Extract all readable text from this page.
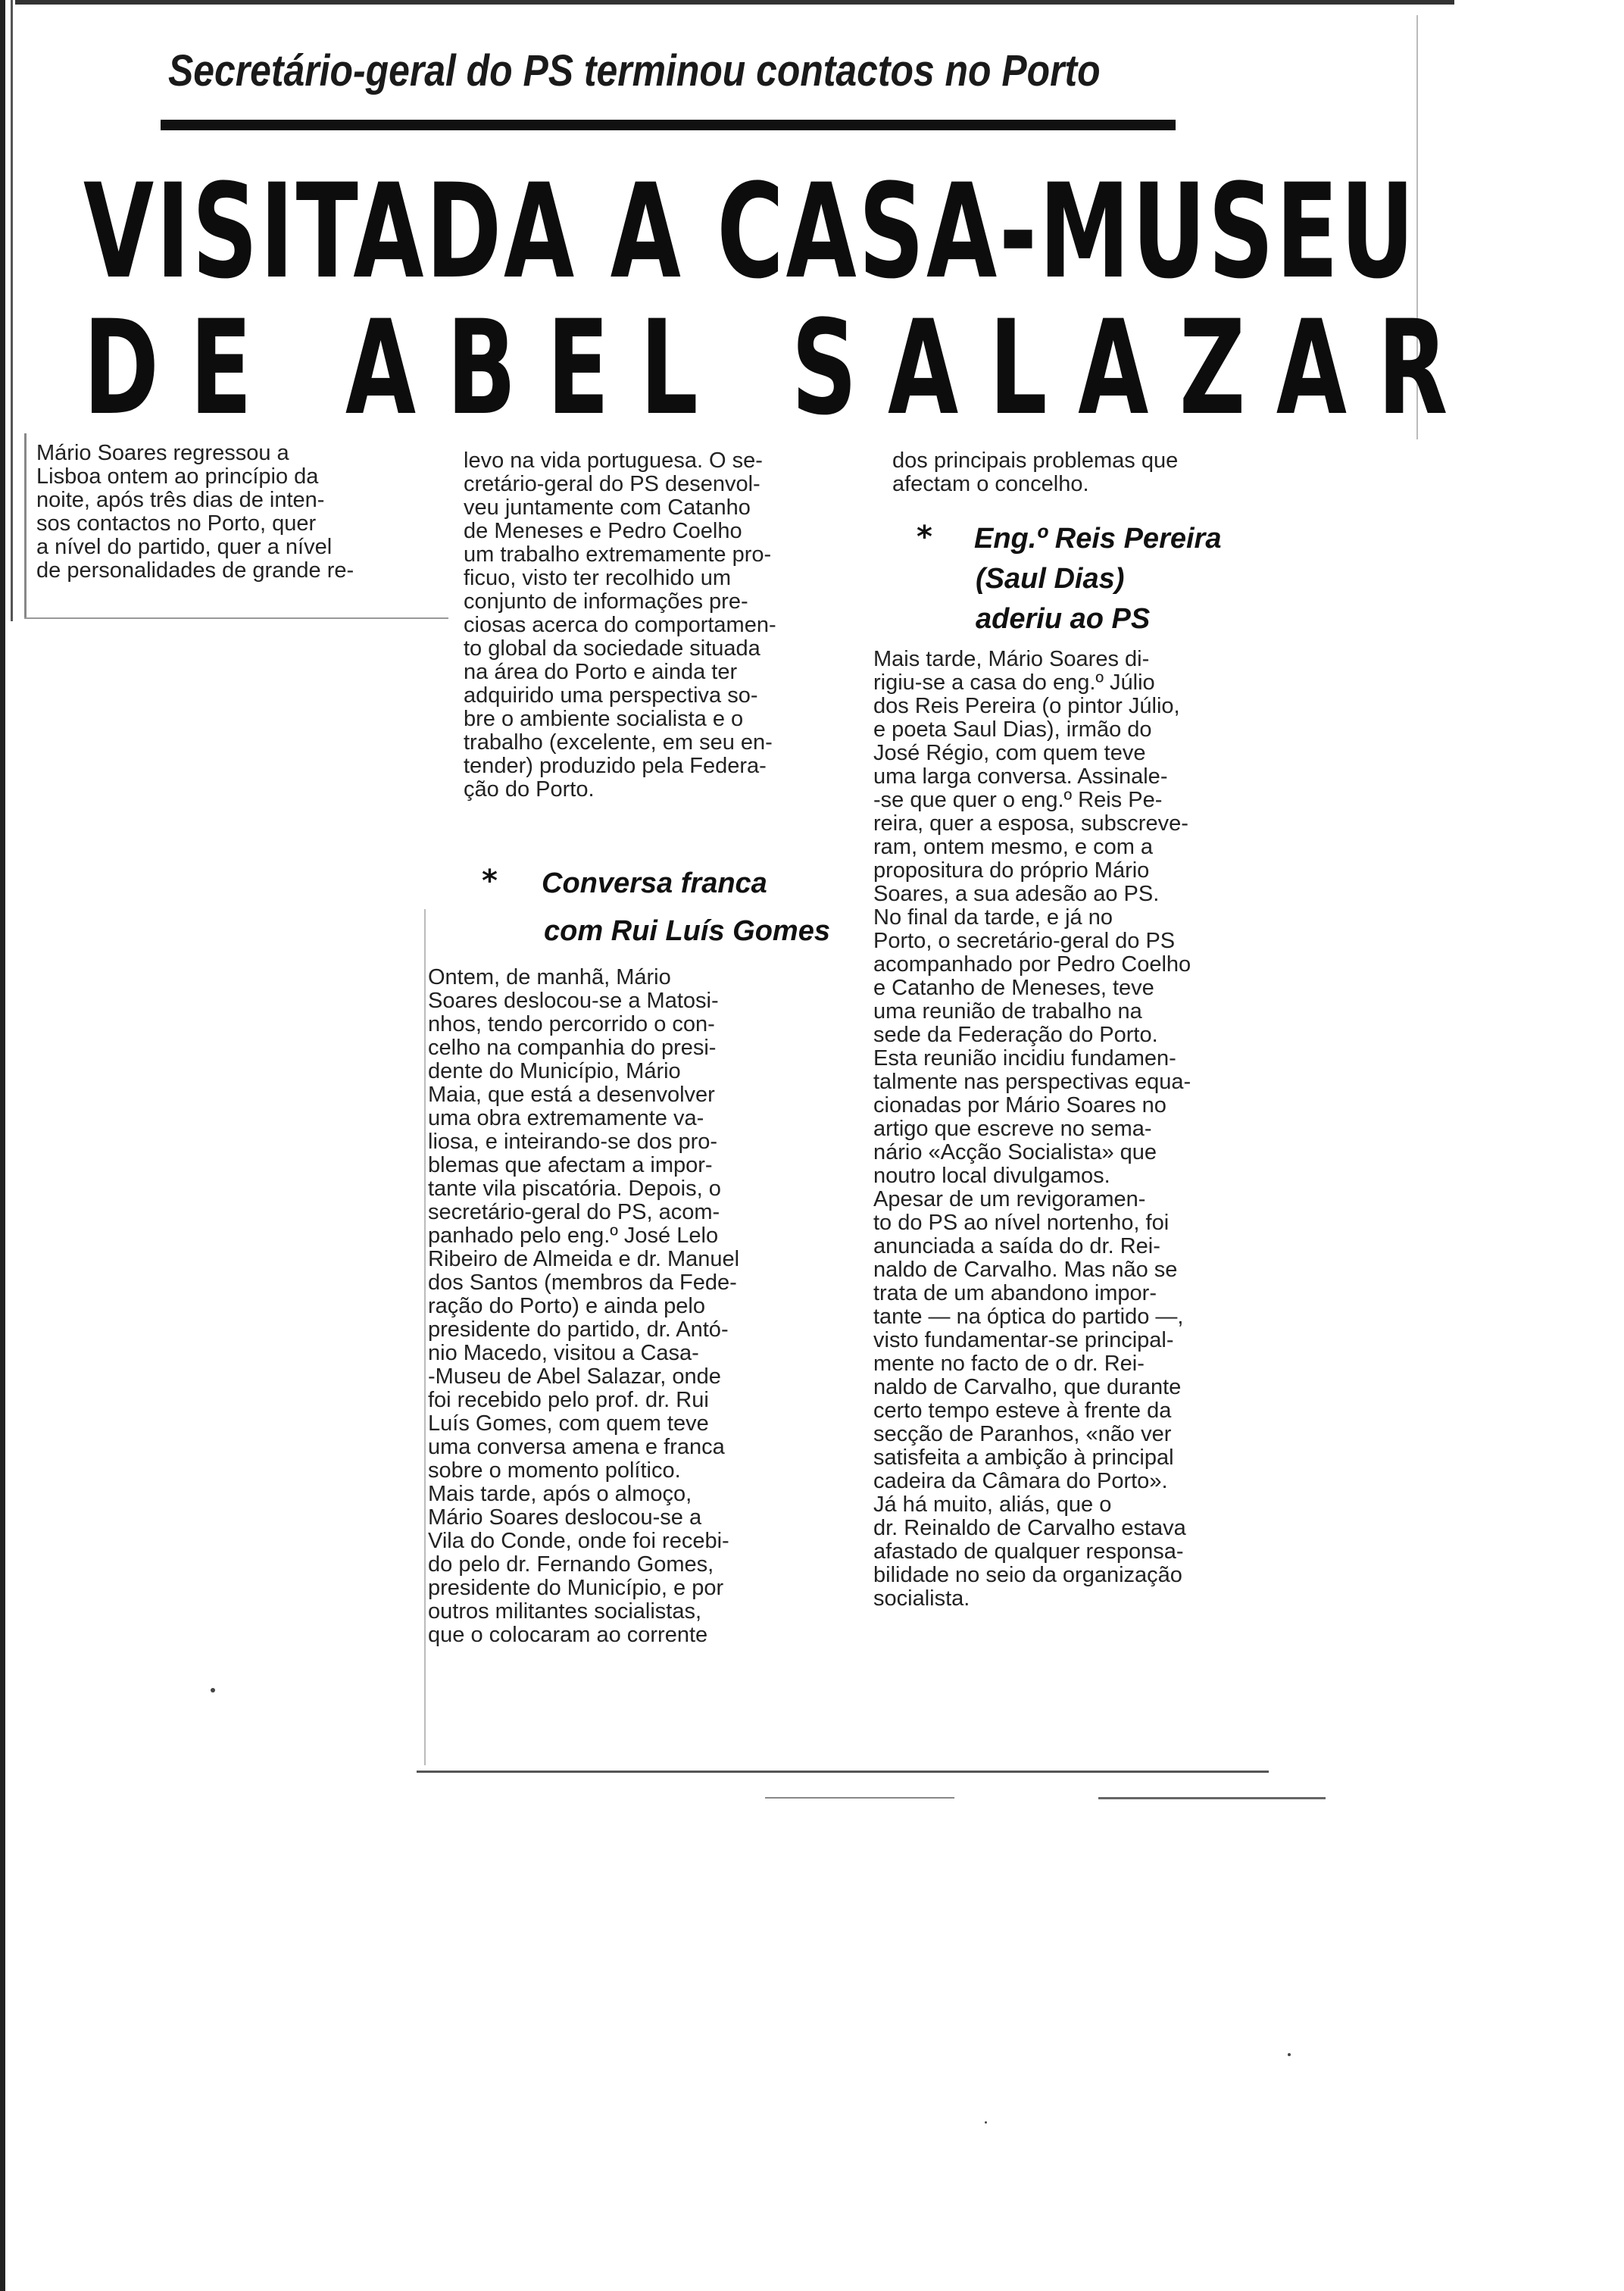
Secretário-geral do PS terminou contactos no Porto
VISITADA A CASA-MUSEU
DE ABEL SALAZAR
Mário Soares regressou a
Lisboa ontem ao princípio da
noite, após três dias de inten-
sos contactos no Porto, quer
a nível do partido, quer a nível
de personalidades de grande re-
levo na vida portuguesa. O se-
cretário-geral do PS desenvol-
veu juntamente com Catanho
de Meneses e Pedro Coelho
um trabalho extremamente pro-
ficuo, visto ter recolhido um
conjunto de informações pre-
ciosas acerca do comportamen-
to global da sociedade situada
na área do Porto e ainda ter
adquirido uma perspectiva so-
bre o ambiente socialista e o
trabalho (excelente, em seu en-
tender) produzido pela Federa-
ção do Porto.
* Conversa franca
com Rui Luís Gomes
Ontem, de manhã, Mário
Soares deslocou-se a Matosi-
nhos, tendo percorrido o con-
celho na companhia do presi-
dente do Município, Mário
Maia, que está a desenvolver
uma obra extremamente va-
liosa, e inteirando-se dos pro-
blemas que afectam a impor-
tante vila piscatória. Depois, o
secretário-geral do PS, acom-
panhado pelo eng.º José Lelo
Ribeiro de Almeida e dr. Manuel
dos Santos (membros da Fede-
ração do Porto) e ainda pelo
presidente do partido, dr. Antó-
nio Macedo, visitou a Casa-
-Museu de Abel Salazar, onde
foi recebido pelo prof. dr. Rui
Luís Gomes, com quem teve
uma conversa amena e franca
sobre o momento político.
Mais tarde, após o almoço,
Mário Soares deslocou-se a
Vila do Conde, onde foi recebi-
do pelo dr. Fernando Gomes,
presidente do Município, e por
outros militantes socialistas,
que o colocaram ao corrente
dos principais problemas que
afectam o concelho.
* Eng.º Reis Pereira
(Saul Dias)
aderiu ao PS
Mais tarde, Mário Soares di-
rigiu-se a casa do eng.º Júlio
dos Reis Pereira (o pintor Júlio,
e poeta Saul Dias), irmão do
José Régio, com quem teve
uma larga conversa. Assinale-
-se que quer o eng.º Reis Pe-
reira, quer a esposa, subscreve-
ram, ontem mesmo, e com a
propositura do próprio Mário
Soares, a sua adesão ao PS.
No final da tarde, e já no
Porto, o secretário-geral do PS
acompanhado por Pedro Coelho
e Catanho de Meneses, teve
uma reunião de trabalho na
sede da Federação do Porto.
Esta reunião incidiu fundamen-
talmente nas perspectivas equa-
cionadas por Mário Soares no
artigo que escreve no sema-
nário «Acção Socialista» que
noutro local divulgamos.
Apesar de um revigoramen-
to do PS ao nível nortenho, foi
anunciada a saída do dr. Rei-
naldo de Carvalho. Mas não se
trata de um abandono impor-
tante — na óptica do partido —,
visto fundamentar-se principal-
mente no facto de o dr. Rei-
naldo de Carvalho, que durante
certo tempo esteve à frente da
secção de Paranhos, «não ver
satisfeita a ambição à principal
cadeira da Câmara do Porto».
Já há muito, aliás, que o
dr. Reinaldo de Carvalho estava
afastado de qualquer responsa-
bilidade no seio da organização
socialista.
